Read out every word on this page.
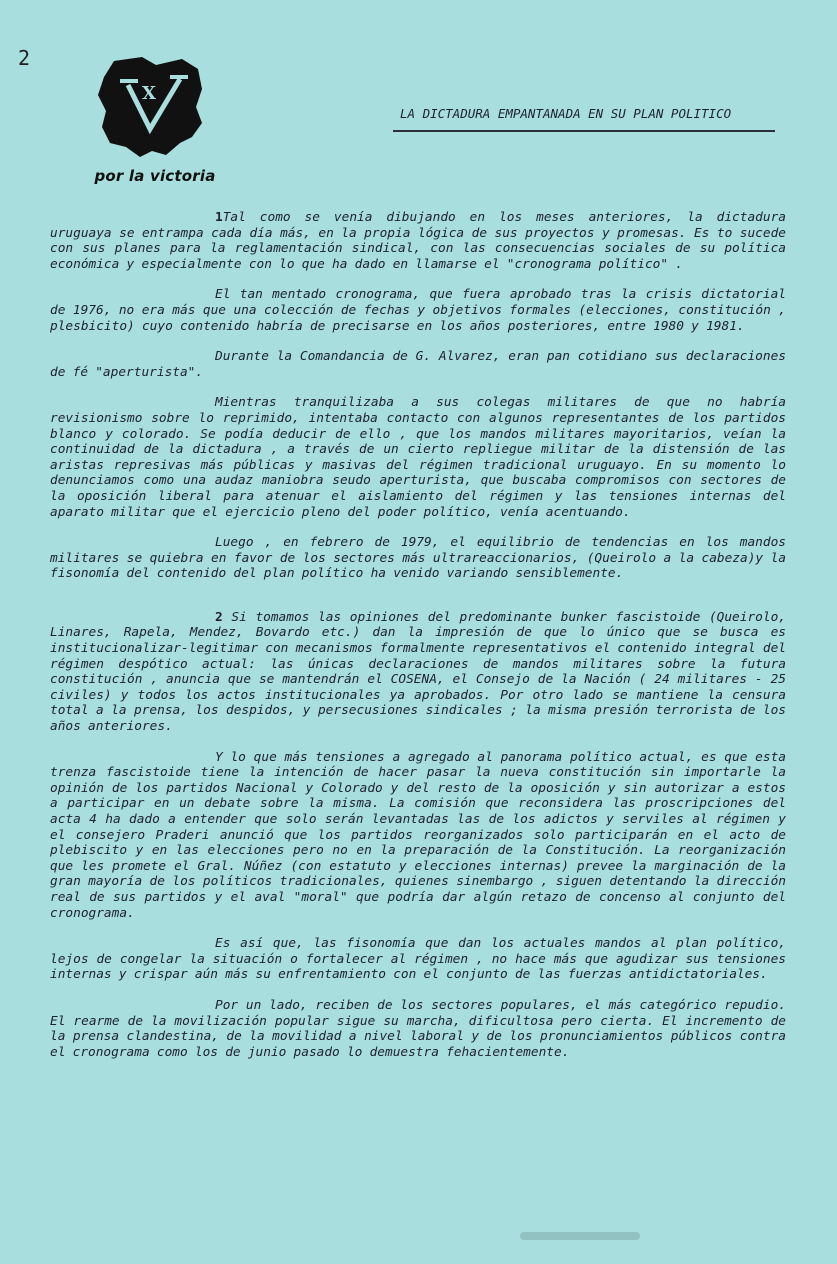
2
X
por la victoria
LA DICTADURA EMPANTANADA EN SU PLAN POLITICO

1Tal como se venía dibujando en los meses anteriores, la dictadura uruguaya se entrampa cada día más, en la propia lógica de sus proyectos y promesas. Es to sucede con sus planes para la reglamentación sindical, con las consecuencias sociales de su política económica y especialmente con lo que ha dado en llamarse el "cronograma político" .

El tan mentado cronograma, que fuera aprobado tras la crisis dictatorial de 1976, no era más que una colección de fechas y objetivos formales (elecciones, constitución , plesbicito) cuyo contenido habría de precisarse en los años posteriores, entre 1980 y 1981.

Durante la Comandancia de G. Alvarez, eran pan cotidiano sus declaraciones de fé "aperturista".

Mientras tranquilizaba a sus colegas militares de que no habría revisionismo sobre lo reprimido, intentaba contacto con algunos representantes de los partidos blanco y colorado. Se podía deducir de ello , que los mandos militares mayoritarios, veían la continuidad de la dictadura , a través de un cierto repliegue militar de la distensión de las aristas represivas más públicas y masivas del régimen tradicional uruguayo. En su momento lo denunciamos como una audaz maniobra seudo aperturista, que buscaba compromisos con sectores de la oposición liberal para atenuar el aislamiento del régimen y las tensiones internas del aparato militar que el ejercicio pleno del poder político, venía acentuando.

Luego , en febrero de 1979, el equilibrio de tendencias en los mandos militares se quiebra en favor de los sectores más ultrareaccionarios, (Queirolo a la cabeza)y la fisonomía del contenido del plan político ha venido variando sensiblemente.

2 Si tomamos las opiniones del predominante bunker fascistoide (Queirolo, Linares, Rapela, Mendez, Bovardo etc.) dan la impresión de que lo único que se busca es institucionalizar-legitimar con mecanismos formalmente representativos el contenido integral del régimen despótico actual: las únicas declaraciones de mandos militares sobre la futura constitución , anuncia que se mantendrán el COSENA, el Consejo de la Nación ( 24 militares - 25 civiles) y todos los actos institucionales ya aprobados. Por otro lado se mantiene la censura total a la prensa, los despidos, y persecusiones sindicales ; la misma presión terrorista de los años anteriores.

Y lo que más tensiones a agregado al panorama político actual, es que esta trenza fascistoide tiene la intención de hacer pasar la nueva constitución sin importarle la opinión de los partidos Nacional y Colorado y del resto de la oposición y sin autorizar a estos a participar en un debate sobre la misma. La comisión que reconsidera las proscripciones del acta 4 ha dado a entender que solo serán levantadas las de los adictos y serviles al régimen y el consejero Praderi anunció que los partidos reorganizados solo participarán en el acto de plebiscito y en las elecciones pero no en la preparación de la Constitución. La reorganización que les promete el Gral. Núñez (con estatuto y elecciones internas) prevee la marginación de la gran mayoría de los políticos tradicionales, quienes sinembargo , siguen detentando la dirección real de sus partidos y el aval "moral" que podría dar algún retazo de concenso al conjunto del cronograma.

Es así que, las fisonomía que dan los actuales mandos al plan político, lejos de congelar la situación o fortalecer al régimen , no hace más que agudizar sus tensiones internas y crispar aún más su enfrentamiento con el conjunto de las fuerzas antidictatoriales.

Por un lado, reciben de los sectores populares, el más categórico repudio. El rearme de la movilización popular sigue su marcha, dificultosa pero cierta. El incremento de la prensa clandestina, de la movilidad a nivel laboral y de los pronunciamientos públicos contra el cronograma como los de junio pasado lo demuestra fehacientemente.
